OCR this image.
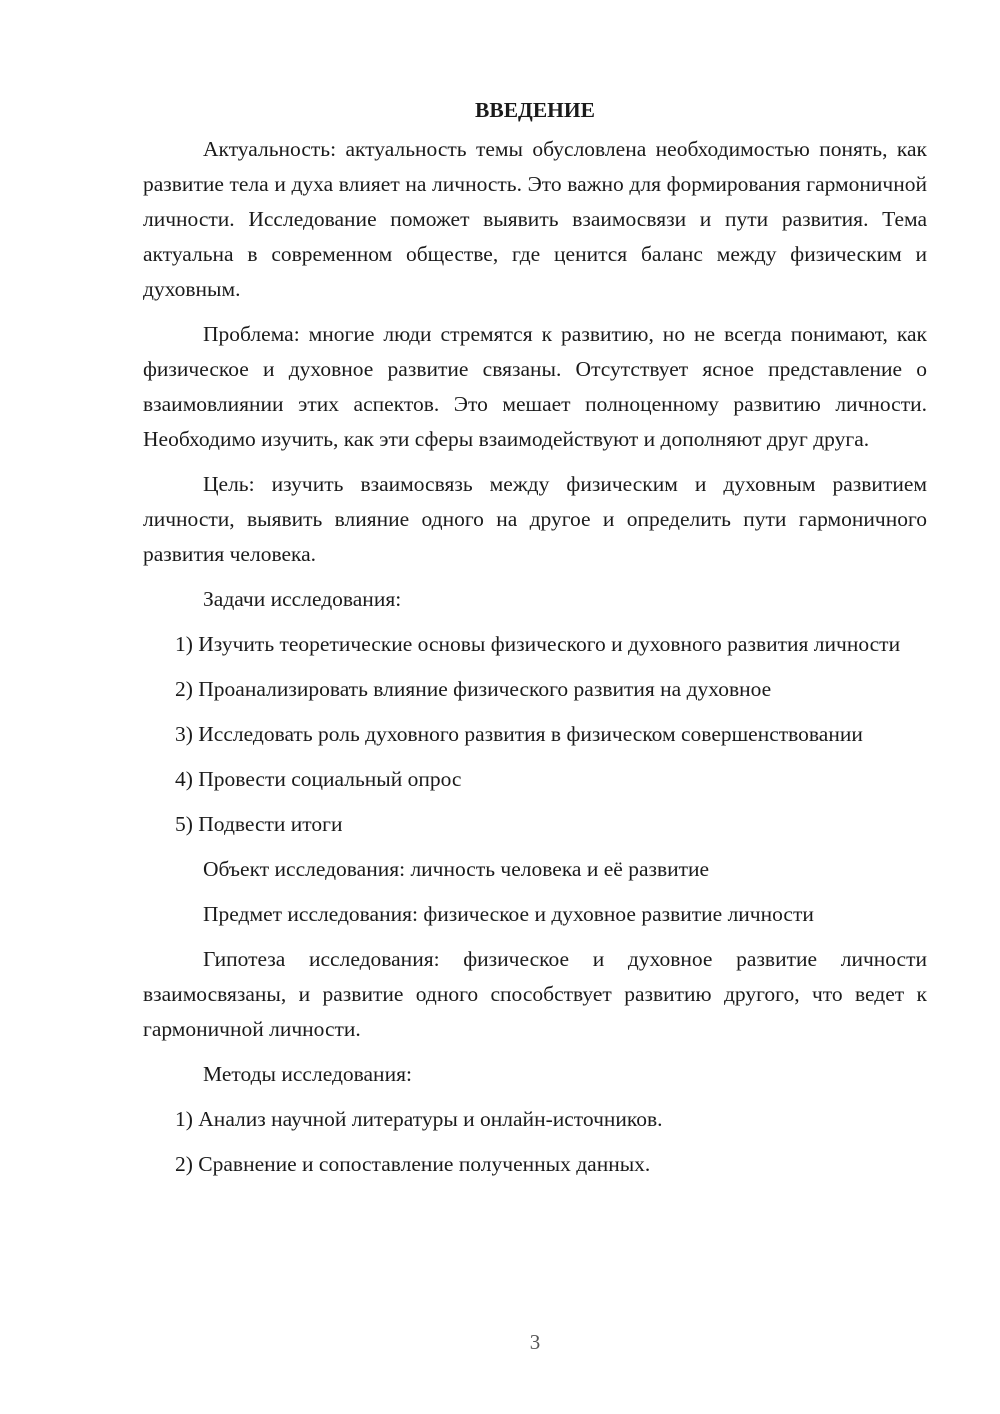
ВВЕДЕНИЕ

Актуальность: актуальность темы обусловлена необходимостью понять, как развитие тела и духа влияет на личность. Это важно для формирования гармоничной личности. Исследование поможет выявить взаимосвязи и пути развития. Тема актуальна в современном обществе, где ценится баланс между физическим и духовным.

Проблема: многие люди стремятся к развитию, но не всегда понимают, как физическое и духовное развитие связаны. Отсутствует ясное представление о взаимовлиянии этих аспектов. Это мешает полноценному развитию личности. Необходимо изучить, как эти сферы взаимодействуют и дополняют друг друга.

Цель: изучить взаимосвязь между физическим и духовным развитием личности, выявить влияние одного на другое и определить пути гармоничного развития человека.

Задачи исследования:

1) Изучить теоретические основы физического и духовного развития личности

2) Проанализировать влияние физического развития на духовное

3) Исследовать роль духовного развития в физическом совершенствовании

4) Провести социальный опрос

5) Подвести итоги

Объект исследования: личность человека и её развитие

Предмет исследования: физическое и духовное развитие личности

Гипотеза исследования: физическое и духовное развитие личности взаимосвязаны, и развитие одного способствует развитию другого, что ведет к гармоничной личности.

Методы исследования:

1) Анализ научной литературы и онлайн-источников.

2) Сравнение и сопоставление полученных данных.

3
